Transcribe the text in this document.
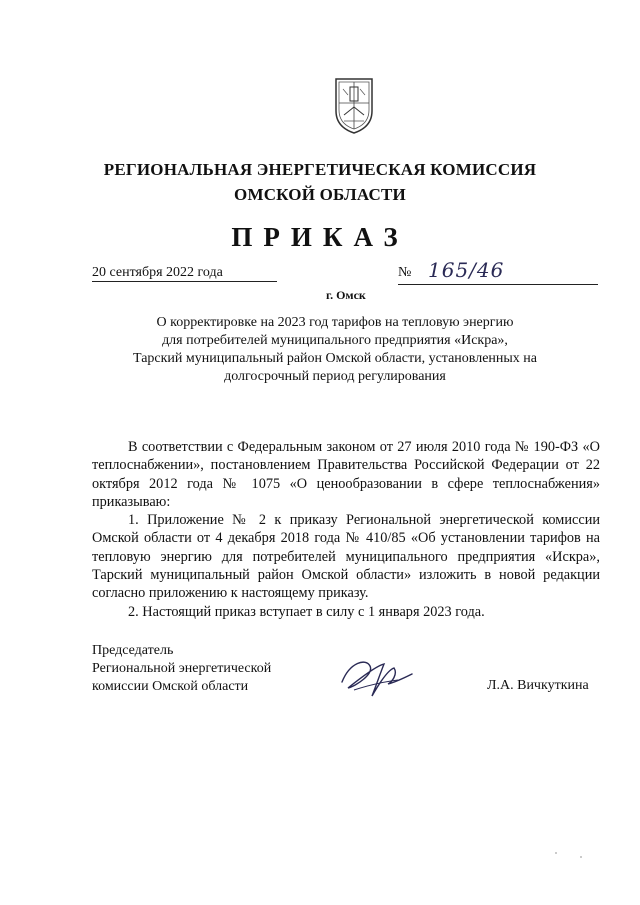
РЕГИОНАЛЬНАЯ ЭНЕРГЕТИЧЕСКАЯ КОМИССИЯ
ОМСКОЙ ОБЛАСТИ
ПРИКАЗ
20 сентября 2022 года	№ 165/46
г. Омск
О корректировке на 2023 год тарифов на тепловую энергию
для потребителей муниципального предприятия «Искра»,
Тарский муниципальный район Омской области, установленных на
долгосрочный период регулирования

В соответствии с Федеральным законом от 27 июля 2010 года № 190-ФЗ «О теплоснабжении», постановлением Правительства Российской Федерации от 22 октября 2012 года № 1075 «О ценообразовании в сфере теплоснабжения» приказываю:

1. Приложение № 2 к приказу Региональной энергетической комиссии Омской области от 4 декабря 2018 года № 410/85 «Об установлении тарифов на тепловую энергию для потребителей муниципального предприятия «Искра», Тарский муниципальный район Омской области» изложить в новой редакции согласно приложению к настоящему приказу.

2. Настоящий приказ вступает в силу с 1 января 2023 года.

Председатель
Региональной энергетической
комиссии Омской области	Л.А. Вичкуткина
